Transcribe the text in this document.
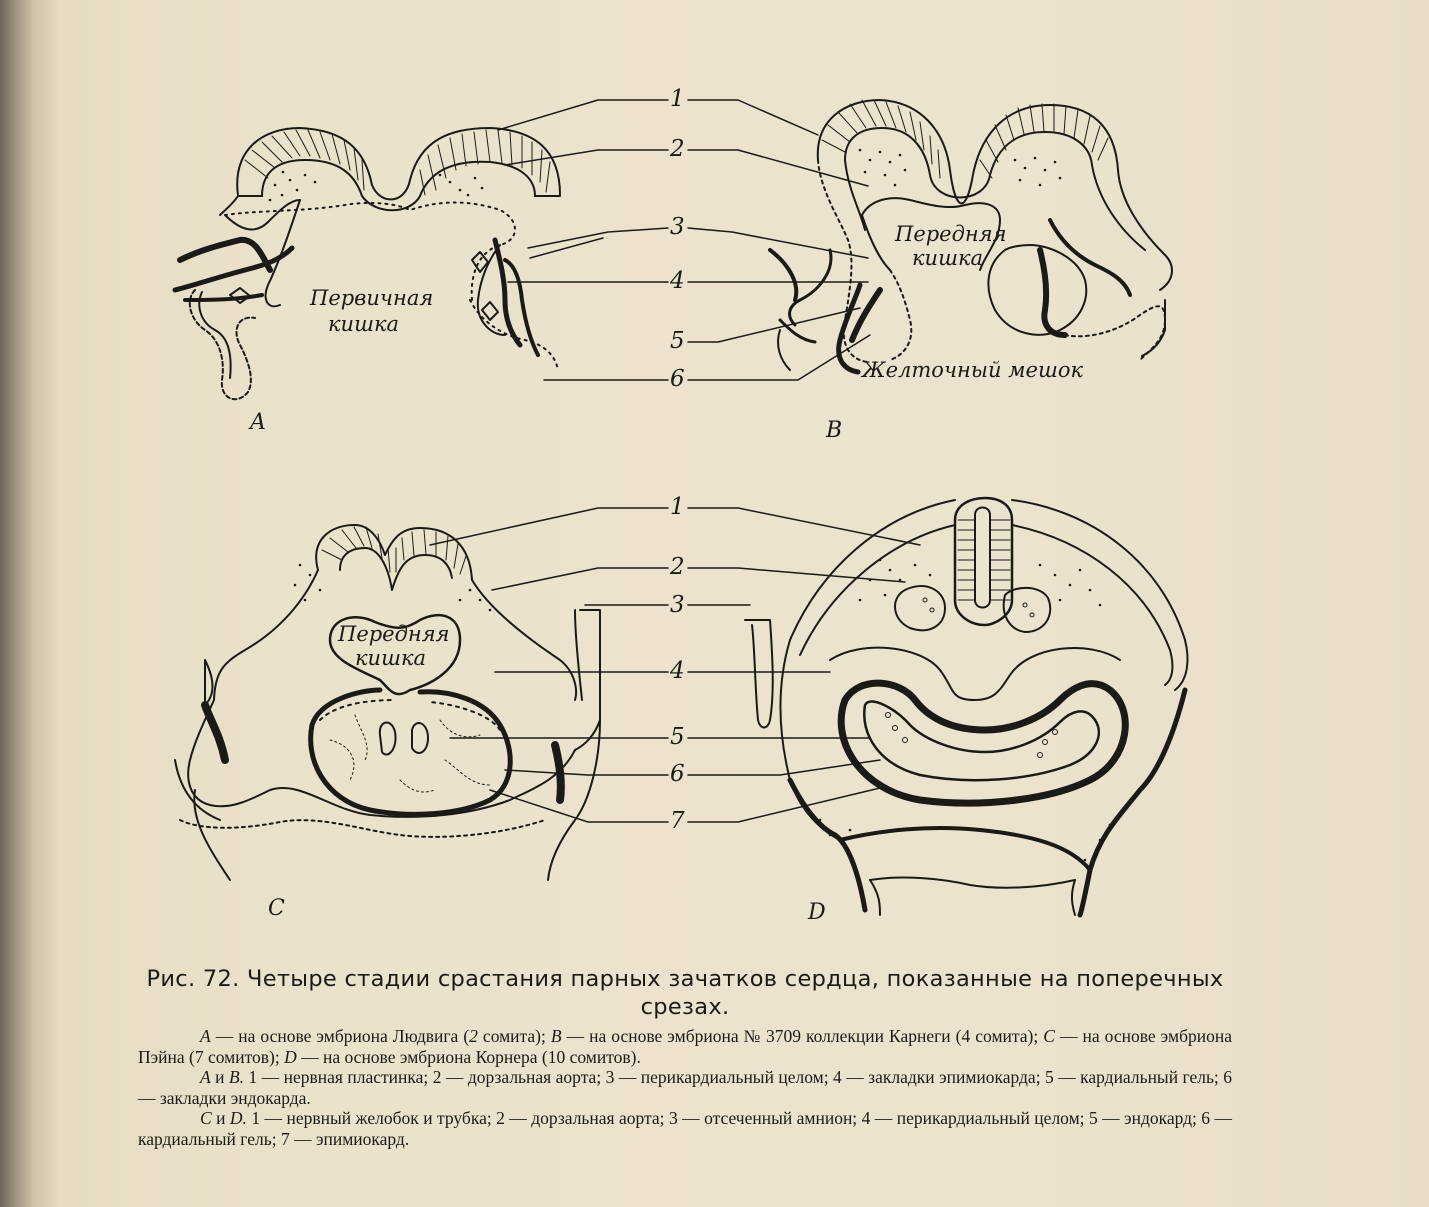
1
2
3
4
5
6
1
2
3
4
5
6
7
Первичная
кишка
Передняя
кишка
Желточный мешок
Передняя
кишка
A	B
C	D
Рис. 72. Четыре стадии срастания парных зачатков сердца, показанные на поперечных срезах.

A — на основе эмбриона Людвига (2 сомита); B — на основе эмбриона № 3709 коллекции Карнеги (4 сомита); C — на основе эмбриона Пэйна (7 сомитов); D — на основе эмбриона Корнера (10 сомитов).

A и B. 1 — нервная пластинка; 2 — дорзальная аорта; 3 — перикардиальный целом; 4 — закладки эпимиокарда; 5 — кардиальный гель; 6 — закладки эндокарда.

C и D. 1 — нервный желобок и трубка; 2 — дорзальная аорта; 3 — отсеченный амнион; 4 — перикардиальный целом; 5 — эндокард; 6 — кардиальный гель; 7 — эпимиокард.
